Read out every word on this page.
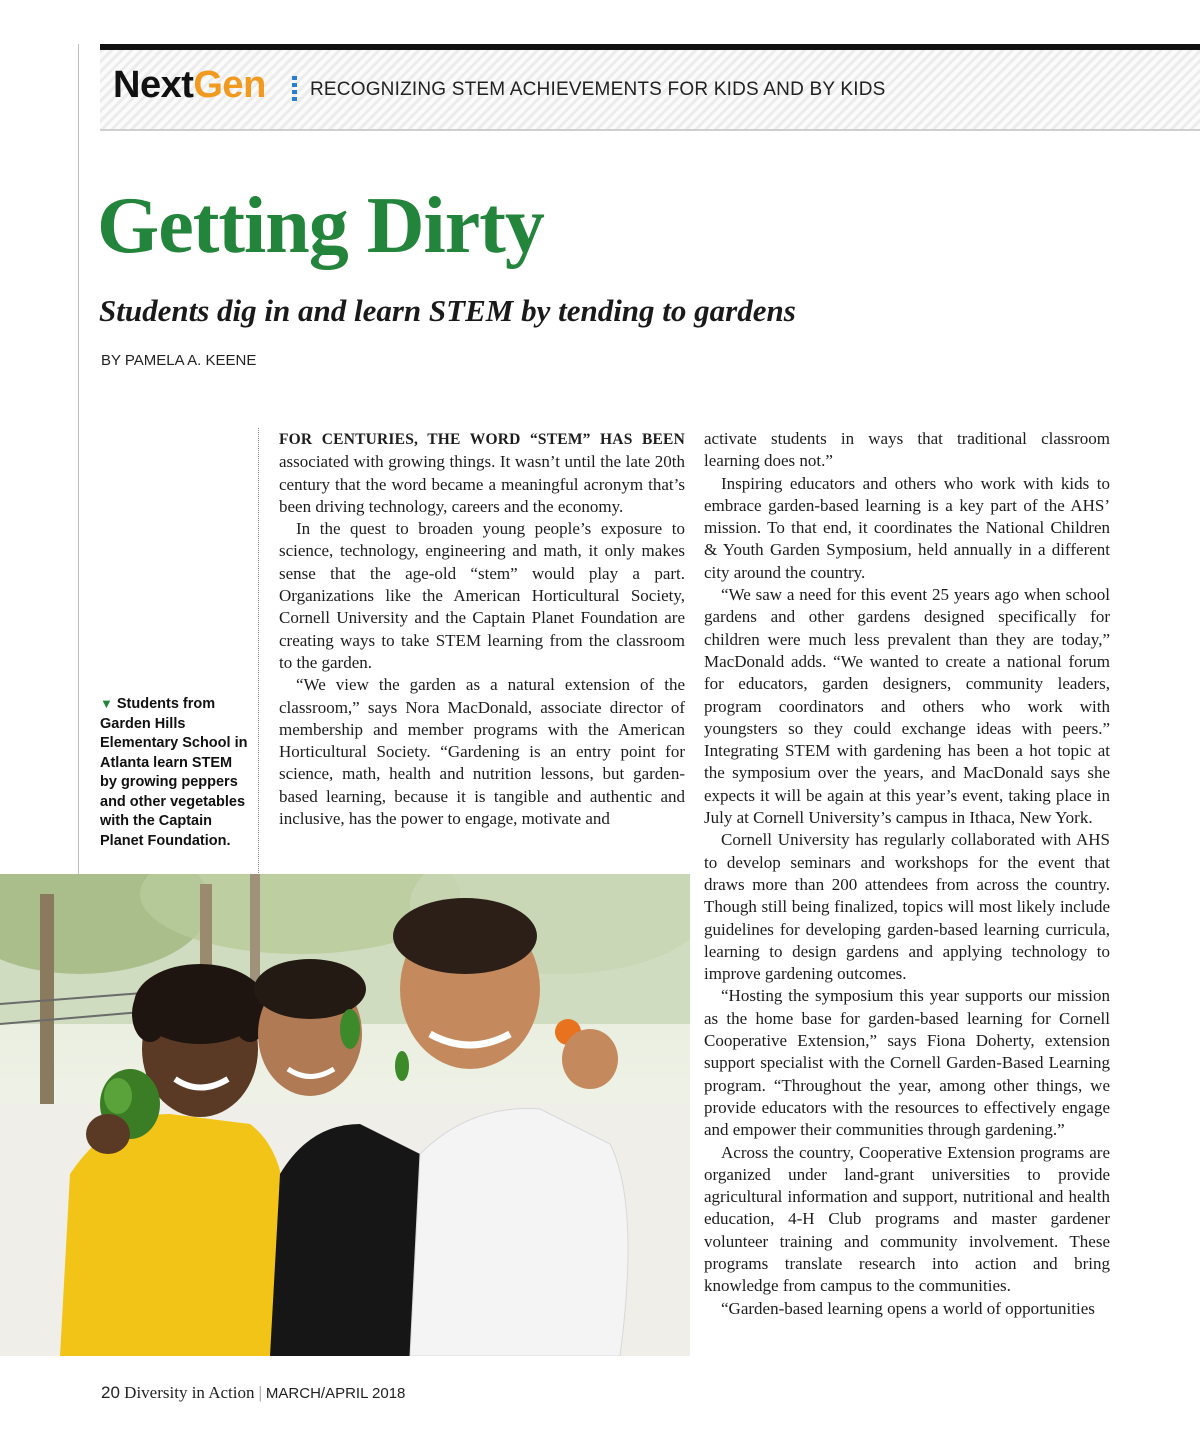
NextGen RECOGNIZING STEM ACHIEVEMENTS FOR KIDS AND BY KIDS
Getting Dirty
Students dig in and learn STEM by tending to gardens
BY PAMELA A. KEENE
▼ Students from Garden Hills Elementary School in Atlanta learn STEM by growing peppers and other vegetables with the Captain Planet Foundation.

FOR CENTURIES, THE WORD “STEM” HAS BEEN associated with growing things. It wasn’t until the late 20th century that the word became a meaningful acronym that’s been driving technology, careers and the economy.

In the quest to broaden young people’s exposure to science, technology, engineering and math, it only makes sense that the age-old “stem” would play a part. Organizations like the American Horticultural Society, Cornell University and the Captain Planet Foundation are creating ways to take STEM learning from the classroom to the garden.

“We view the garden as a natural extension of the classroom,” says Nora MacDonald, associate director of membership and member programs with the American Horticultural Society. “Gardening is an entry point for science, math, health and nutrition lessons, but garden-based learning, because it is tangible and authentic and inclusive, has the power to engage, motivate and

activate students in ways that traditional classroom learning does not.”

Inspiring educators and others who work with kids to embrace garden-based learning is a key part of the AHS’ mission. To that end, it coordinates the National Children & Youth Garden Symposium, held annually in a different city around the country.

“We saw a need for this event 25 years ago when school gardens and other gardens designed specifically for children were much less prevalent than they are today,” MacDonald adds. “We wanted to create a national forum for educators, garden designers, community leaders, program coordinators and others who work with youngsters so they could exchange ideas with peers.” Integrating STEM with gardening has been a hot topic at the symposium over the years, and MacDonald says she expects it will be again at this year’s event, taking place in July at Cornell University’s campus in Ithaca, New York.

Cornell University has regularly collaborated with AHS to develop seminars and workshops for the event that draws more than 200 attendees from across the country. Though still being finalized, topics will most likely include guidelines for developing garden-based learning curricula, learning to design gardens and applying technology to improve gardening outcomes.

“Hosting the symposium this year supports our mission as the home base for garden-based learning for Cornell Cooperative Extension,” says Fiona Doherty, extension support specialist with the Cornell Garden-Based Learning program. “Throughout the year, among other things, we provide educators with the resources to effectively engage and empower their communities through gardening.”

Across the country, Cooperative Extension programs are organized under land-grant universities to provide agricultural information and support, nutritional and health education, 4-H Club programs and master gardener volunteer training and community involvement. These programs translate research into action and bring knowledge from campus to the communities.

“Garden-based learning opens a world of opportunities

20 Diversity in Action | MARCH/APRIL 2018
